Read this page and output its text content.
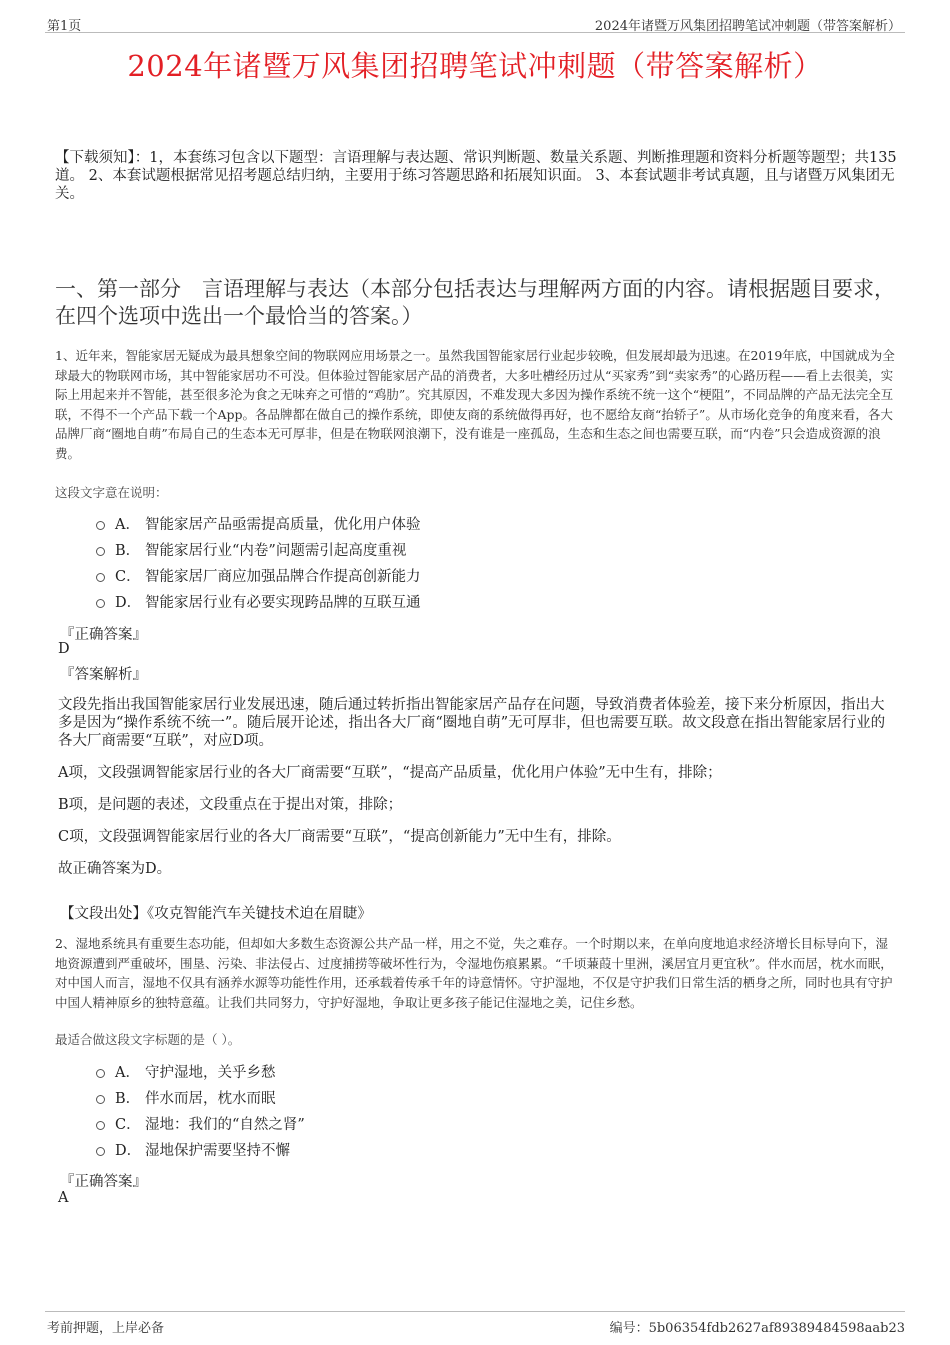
第1页	2024年诸暨万风集团招聘笔试冲刺题（带答案解析）
2024年诸暨万风集团招聘笔试冲刺题（带答案解析）
【下载须知】：1，本套练习包含以下题型：言语理解与表达题、常识判断题、数量关系题、判断推理题和资料分析题等题型；共135道。 2、本套试题根据常见招考题总结归纳，主要用于练习答题思路和拓展知识面。 3、本套试题非考试真题，且与诸暨万风集团无关。
一、第一部分　言语理解与表达（本部分包括表达与理解两方面的内容。请根据题目要求，在四个选项中选出一个最恰当的答案。）
1、近年来，智能家居无疑成为最具想象空间的物联网应用场景之一。虽然我国智能家居行业起步较晚，但发展却最为迅速。在2019年底，中国就成为全球最大的物联网市场，其中智能家居功不可没。但体验过智能家居产品的消费者，大多吐槽经历过从“买家秀”到“卖家秀”的心路历程——看上去很美，实际上用起来并不智能，甚至很多沦为食之无味弃之可惜的“鸡肋”。究其原因，不难发现大多因为操作系统不统一这个“梗阻”，不同品牌的产品无法完全互联，不得不一个产品下载一个App。各品牌都在做自己的操作系统，即使友商的系统做得再好，也不愿给友商“抬轿子”。从市场化竞争的角度来看，各大品牌厂商“圈地自萌”布局自己的生态本无可厚非，但是在物联网浪潮下，没有谁是一座孤岛，生态和生态之间也需要互联，而“内卷”只会造成资源的浪费。
这段文字意在说明：
A． 智能家居产品亟需提高质量，优化用户体验
B． 智能家居行业“内卷”问题需引起高度重视
C． 智能家居厂商应加强品牌合作提高创新能力
D． 智能家居行业有必要实现跨品牌的互联互通
『正确答案』
D
『答案解析』

文段先指出我国智能家居行业发展迅速，随后通过转折指出智能家居产品存在问题，导致消费者体验差，接下来分析原因，指出大多是因为“操作系统不统一”。随后展开论述，指出各大厂商“圈地自萌”无可厚非，但也需要互联。故文段意在指出智能家居行业的各大厂商需要“互联”，对应D项。

A项，文段强调智能家居行业的各大厂商需要“互联”，“提高产品质量，优化用户体验”无中生有，排除；

B项，是问题的表述，文段重点在于提出对策，排除；

C项，文段强调智能家居行业的各大厂商需要“互联”，“提高创新能力”无中生有，排除。

故正确答案为D。

【文段出处】《攻克智能汽车关键技术迫在眉睫》
2、湿地系统具有重要生态功能，但却如大多数生态资源公共产品一样，用之不觉，失之难存。一个时期以来，在单向度地追求经济增长目标导向下，湿地资源遭到严重破坏，围垦、污染、非法侵占、过度捕捞等破坏性行为，令湿地伤痕累累。“千顷蒹葭十里洲，溪居宜月更宜秋”。伴水而居，枕水而眠，对中国人而言，湿地不仅具有涵养水源等功能性作用，还承载着传承千年的诗意情怀。守护湿地，不仅是守护我们日常生活的栖身之所，同时也具有守护中国人精神原乡的独特意蕴。让我们共同努力，守护好湿地，争取让更多孩子能记住湿地之美，记住乡愁。
最适合做这段文字标题的是（ ）。
A． 守护湿地，关乎乡愁
B． 伴水而居，枕水而眠
C． 湿地：我们的“自然之肾”
D． 湿地保护需要坚持不懈
『正确答案』
A
考前押题，上岸必备	编号：5b06354fdb2627af89389484598aab23
